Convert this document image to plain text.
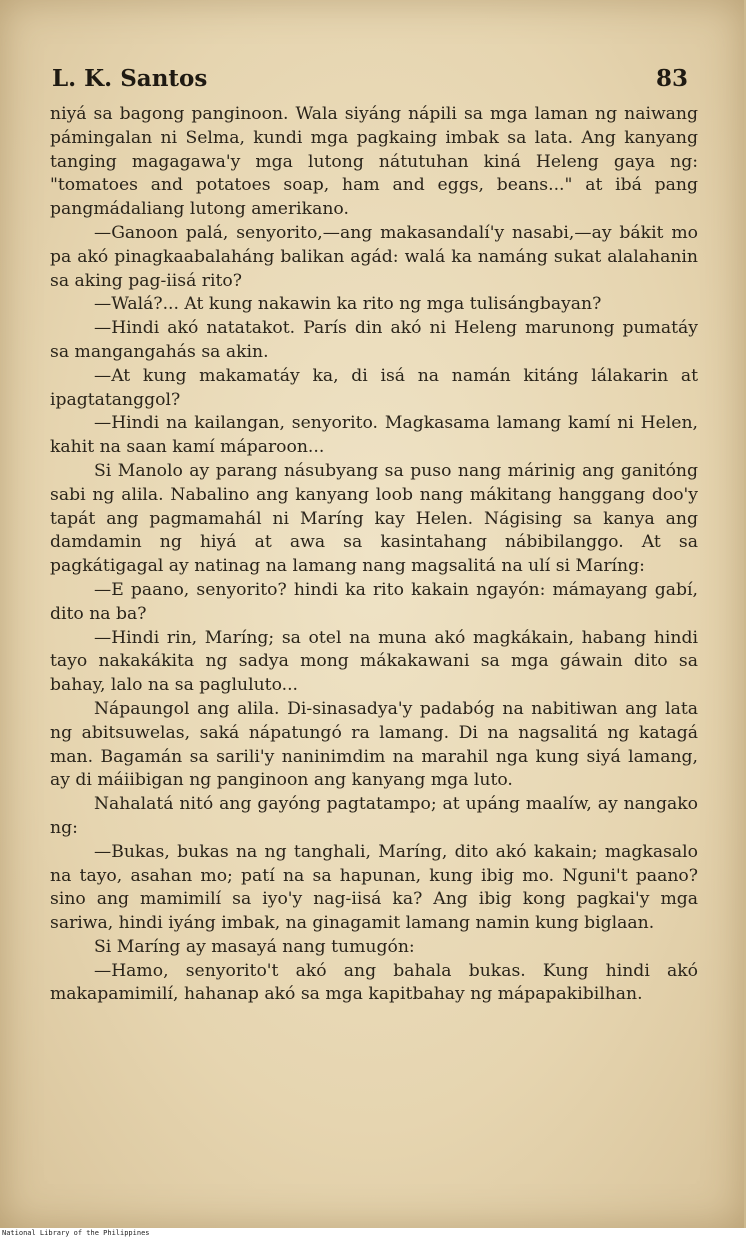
L. K. Santos	83

niyá sa bagong panginoon. Wala siyáng nápili sa mga laman ng naiwang pámingalan ni Selma, kundi mga pagkaing imbak sa lata. Ang kanyang tanging magagawa'y mga lutong nátutuhan kiná Heleng gaya ng: "tomatoes and potatoes soap, ham and eggs, beans..." at ibá pang pangmádaliang lutong amerikano.

—Ganoon palá, senyorito,—ang makasandalí'y nasabi,—ay bákit mo pa akó pinagkaabalaháng balikan agád: walá ka namáng sukat alalahanin sa aking pag-iisá rito?

—Walá?... At kung nakawin ka rito ng mga tulisángbayan?

—Hindi akó natatakot. París din akó ni Heleng marunong pumatáy sa mangangahás sa akin.

—At kung makamatáy ka, di isá na namán kitáng lálakarin at ipagtatanggol?

—Hindi na kailangan, senyorito. Magkasama lamang kamí ni Helen, kahit na saan kamí máparoon...

Si Manolo ay parang násubyang sa puso nang márinig ang ganitóng sabi ng alila. Nabalino ang kanyang loob nang mákitang hanggang doo'y tapát ang pagmamahál ni Maríng kay Helen. Nágising sa kanya ang damdamin ng hiyá at awa sa kasintahang nábibilanggo. At sa pagkátigagal ay natinag na lamang nang magsalitá na ulí si Maríng:

—E paano, senyorito? hindi ka rito kakain ngayón: mámayang gabí, dito na ba?

—Hindi rin, Maríng; sa otel na muna akó magkákain, habang hindi tayo nakakákita ng sadya mong mákakawani sa mga gáwain dito sa bahay, lalo na sa pagluluto...

Nápaungol ang alila. Di-sinasadya'y padabóg na nabitiwan ang lata ng abitsuwelas, saká nápatungó ra lamang. Di na nagsalitá ng katagá man. Bagamán sa sarili'y naninimdim na marahil nga kung siyá lamang, ay di máiibigan ng panginoon ang kanyang mga luto.

Nahalatá nitó ang gayóng pagtatampo; at upáng maalíw, ay nangako ng:

—Bukas, bukas na ng tanghali, Maríng, dito akó kakain; magkasalo na tayo, asahan mo; patí na sa hapunan, kung ibig mo. Nguni't paano? sino ang mamimilí sa iyo'y nag-iisá ka? Ang ibig kong pagkai'y mga sariwa, hindi iyáng imbak, na ginagamit lamang namin kung biglaan.

Si Maríng ay masayá nang tumugón:

—Hamo, senyorito't akó ang bahala bukas. Kung hindi akó makapamimilí, hahanap akó sa mga kapitbahay ng mápapakibilhan.

National Library of the Philippines
